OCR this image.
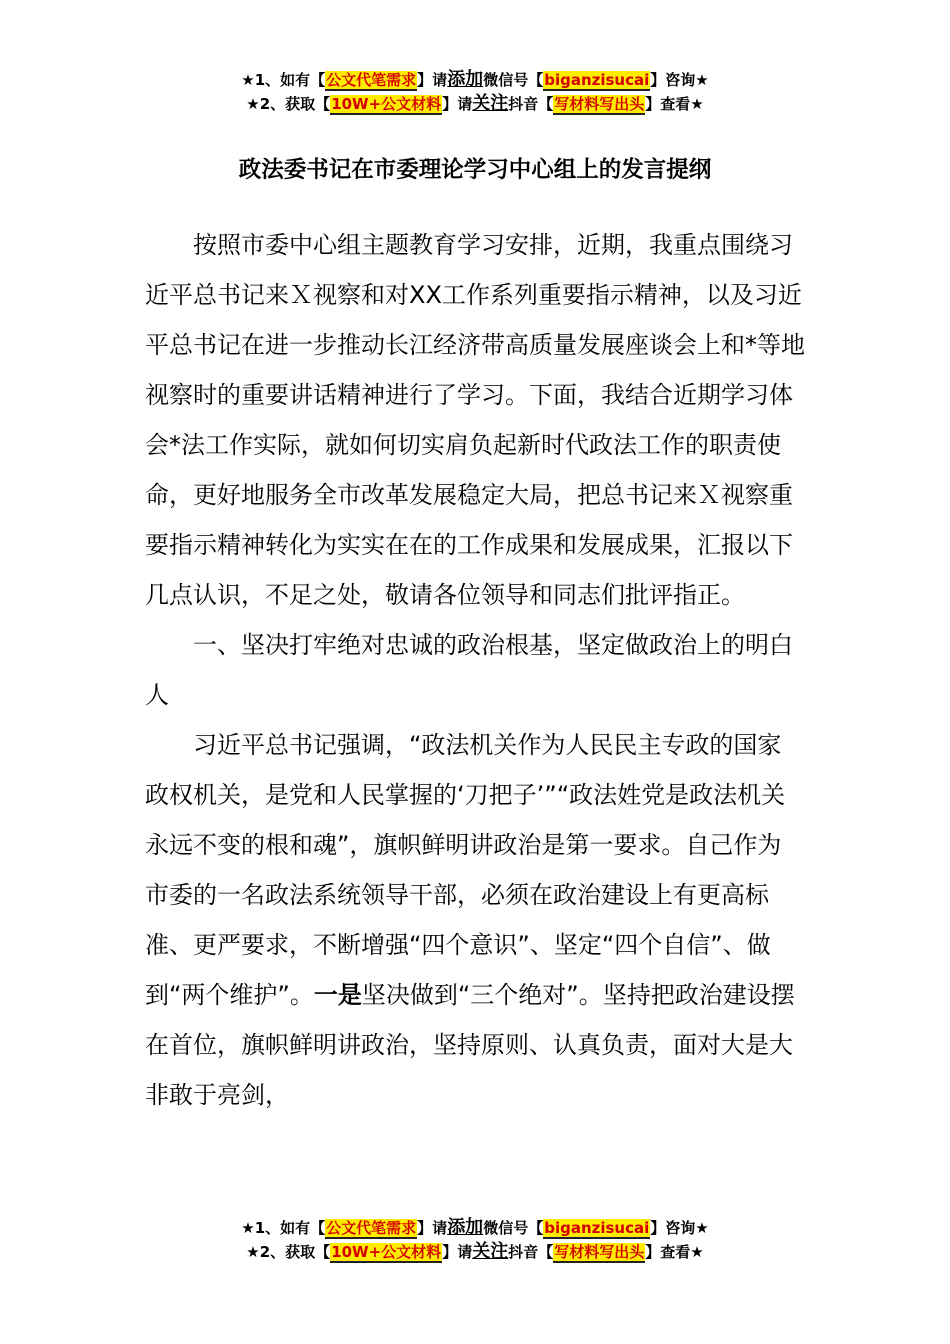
★1、如有【公文代笔需求】请添加微信号【biganzisucai】咨询★
★2、获取【10W+公文材料】请关注抖音【写材料写出头】查看★
政法委书记在市委理论学习中心组上的发言提纲

按照市委中心组主题教育学习安排，近期，我重点围绕习近平总书记来Ｘ视察和对XX工作系列重要指示精神，以及习近平总书记在进一步推动长江经济带高质量发展座谈会上和*等地视察时的重要讲话精神进行了学习。下面，我结合近期学习体会*法工作实际，就如何切实肩负起新时代政法工作的职责使命，更好地服务全市改革发展稳定大局，把总书记来Ｘ视察重要指示精神转化为实实在在的工作成果和发展成果，汇报以下几点认识，不足之处，敬请各位领导和同志们批评指正。

一、坚决打牢绝对忠诚的政治根基，坚定做政治上的明白人

习近平总书记强调，“政法机关作为人民民主专政的国家政权机关，是党和人民掌握的‘刀把子’”“政法姓党是政法机关永远不变的根和魂”，旗帜鲜明讲政治是第一要求。自己作为市委的一名政法系统领导干部，必须在政治建设上有更高标准、更严要求，不断增强“四个意识”、坚定“四个自信”、做到“两个维护”。一是坚决做到“三个绝对”。坚持把政治建设摆在首位，旗帜鲜明讲政治，坚持原则、认真负责，面对大是大非敢于亮剑，

★1、如有【公文代笔需求】请添加微信号【biganzisucai】咨询★
★2、获取【10W+公文材料】请关注抖音【写材料写出头】查看★
